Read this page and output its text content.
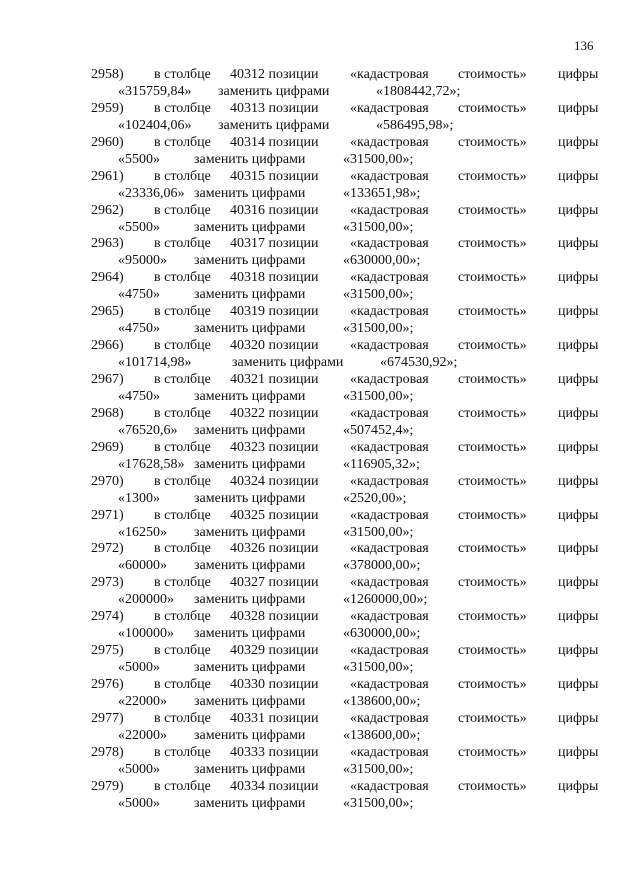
136
2958) в столбце 40312 позиции «кадастровая стоимость» цифры
«315759,84» заменить цифрами	«1808442,72»;
2959) в столбце 40313 позиции «кадастровая стоимость» цифры
«102404,06» заменить цифрами	«586495,98»;
2960) в столбце 40314 позиции «кадастровая стоимость» цифры
«5500» заменить цифрами	«31500,00»;
2961) в столбце 40315 позиции «кадастровая стоимость» цифры
«23336,06» заменить цифрами	«133651,98»;
2962) в столбце 40316 позиции «кадастровая стоимость» цифры
«5500» заменить цифрами	«31500,00»;
2963) в столбце 40317 позиции «кадастровая стоимость» цифры
«95000» заменить цифрами	«630000,00»;
2964) в столбце 40318 позиции «кадастровая стоимость» цифры
«4750» заменить цифрами	«31500,00»;
2965) в столбце 40319 позиции «кадастровая стоимость» цифры
«4750» заменить цифрами	«31500,00»;
2966) в столбце 40320 позиции «кадастровая стоимость» цифры
«101714,98»	заменить цифрами	«674530,92»;
2967) в столбце 40321 позиции «кадастровая стоимость» цифры
«4750» заменить цифрами	«31500,00»;
2968) в столбце 40322 позиции «кадастровая стоимость» цифры
«76520,6» заменить цифрами	«507452,4»;
2969) в столбце 40323 позиции «кадастровая стоимость» цифры
«17628,58» заменить цифрами	«116905,32»;
2970) в столбце 40324 позиции «кадастровая стоимость» цифры
«1300» заменить цифрами	«2520,00»;
2971) в столбце 40325 позиции «кадастровая стоимость» цифры
«16250» заменить цифрами	«31500,00»;
2972) в столбце 40326 позиции «кадастровая стоимость» цифры
«60000» заменить цифрами	«378000,00»;
2973) в столбце 40327 позиции «кадастровая стоимость» цифры
«200000» заменить цифрами	«1260000,00»;
2974) в столбце 40328 позиции «кадастровая стоимость» цифры
«100000» заменить цифрами	«630000,00»;
2975) в столбце 40329 позиции «кадастровая стоимость» цифры
«5000» заменить цифрами	«31500,00»;
2976) в столбце 40330 позиции «кадастровая стоимость» цифры
«22000» заменить цифрами	«138600,00»;
2977) в столбце 40331 позиции «кадастровая стоимость» цифры
«22000» заменить цифрами	«138600,00»;
2978) в столбце 40333 позиции «кадастровая стоимость» цифры
«5000» заменить цифрами	«31500,00»;
2979) в столбце 40334 позиции «кадастровая стоимость» цифры
«5000» заменить цифрами	«31500,00»;
